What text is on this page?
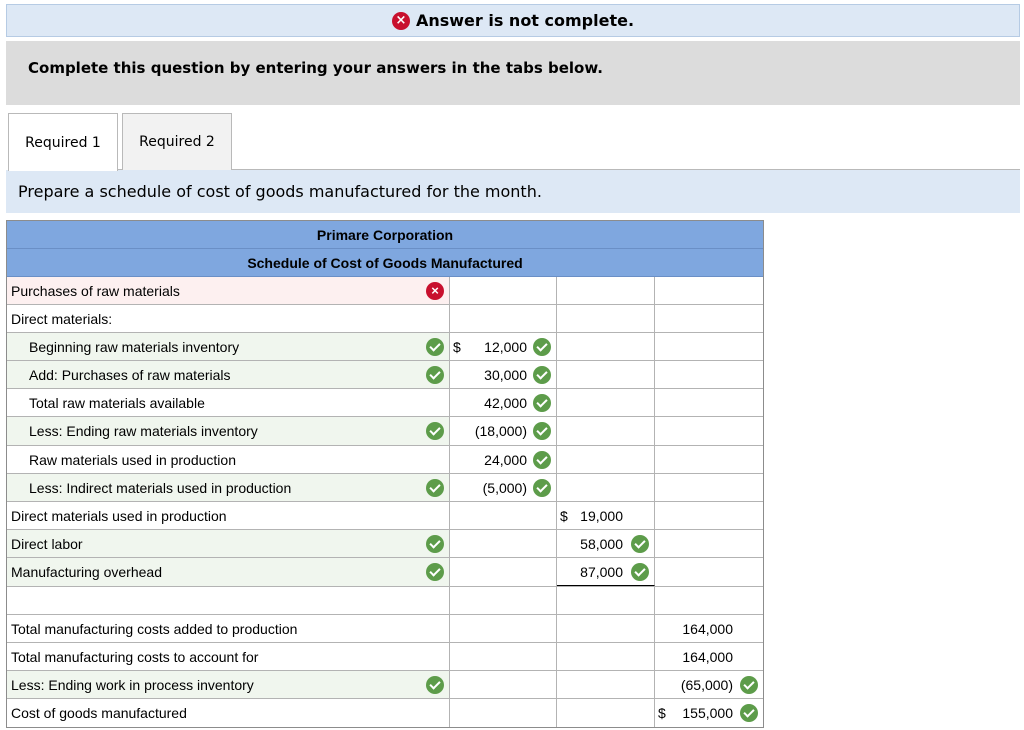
× Answer is not complete.
Complete this question by entering your answers in the tabs below.
Required 1	Required 2
Prepare a schedule of cost of goods manufactured for the month.
Primare Corporation
Schedule of Cost of Goods Manufactured
Purchases of raw materials	×
Direct materials:
Beginning raw materials inventory	$ 12,000
Add: Purchases of raw materials	30,000
Total raw materials available	42,000
Less: Ending raw materials inventory	(18,000)
Raw materials used in production	24,000
Less: Indirect materials used in production	(5,000)
Direct materials used in production	$ 19,000
Direct labor	58,000
Manufacturing overhead	87,000
Total manufacturing costs added to production	164,000
Total manufacturing costs to account for	164,000
Less: Ending work in process inventory	(65,000)
Cost of goods manufactured	$ 155,000
